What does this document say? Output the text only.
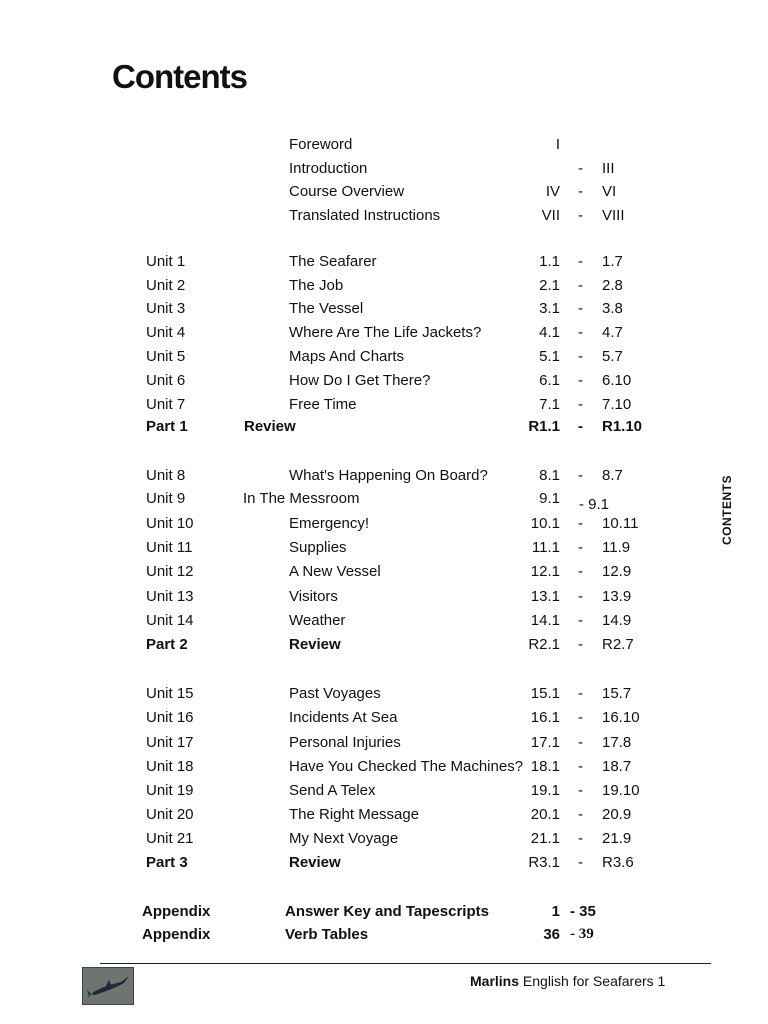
Contents
Foreword	I
Introduction	- III
Course Overview	IV - VI
Translated Instructions	VII - VIII
Unit 1	The Seafarer	1.1 - 1.7
Unit 2	The Job	2.1 - 2.8
Unit 3	The Vessel	3.1 - 3.8
Unit 4	Where Are The Life Jackets?	4.1 - 4.7
Unit 5	Maps And Charts	5.1 - 5.7
Unit 6	How Do I Get There?	6.1 - 6.10
Unit 7	Free Time	7.1 - 7.10
Part 1	Review	R1.1 - R1.10
Unit 8	What's Happening On Board?	8.1 - 8.7
Unit 9	In The Messroom	9.1 - 9.1
Unit 10	Emergency!	10.1 - 10.11
Unit 11	Supplies	11.1 - 11.9
Unit 12	A New Vessel	12.1 - 12.9
Unit 13	Visitors	13.1 - 13.9
Unit 14	Weather	14.1 - 14.9
Part 2	Review	R2.1 - R2.7
Unit 15	Past Voyages	15.1 - 15.7
Unit 16	Incidents At Sea	16.1 - 16.10
Unit 17	Personal Injuries	17.1 - 17.8
Unit 18	Have You Checked The Machines? 18.1 - 18.7
Unit 19	Send A Telex	19.1 - 19.10
Unit 20	The Right Message	20.1 - 20.9
Unit 21	My Next Voyage	21.1 - 21.9
Part 3	Review	R3.1 - R3.6
Appendix	Answer Key and Tapescripts	1 - 35
Appendix	Verb Tables	36 - 39
CONTENTS
Marlins English for Seafarers 1
